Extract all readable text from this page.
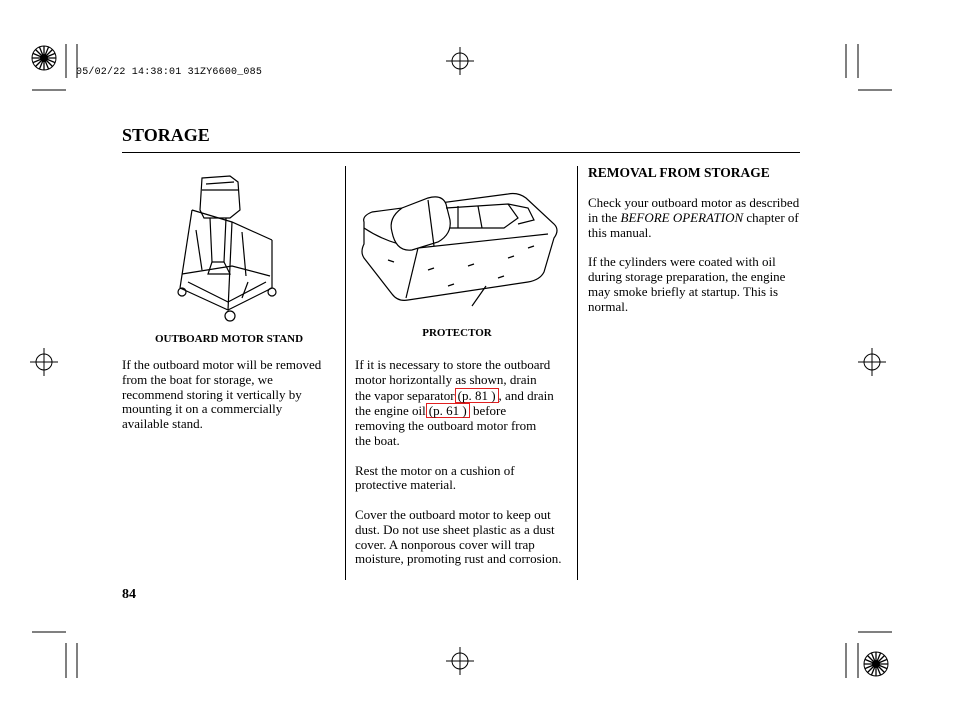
05/02/22 14:38:01 31ZY6600_085
STORAGE
OUTBOARD MOTOR STAND
If the outboard motor will be removed from the boat for storage, we recommend storing it vertically by mounting it on a commercially available stand.
PROTECTOR

If it is necessary to store the outboard
motor horizontally as shown, drain
the vapor separator (p. 81 ) , and drain
the engine oil (p. 61 ) before
removing the outboard motor from
the boat.

Rest the motor on a cushion of protective material.

Cover the outboard motor to keep out dust. Do not use sheet plastic as a dust cover. A nonporous cover will trap moisture, promoting rust and corrosion.

REMOVAL FROM STORAGE

Check your outboard motor as described in the BEFORE OPERATION chapter of this manual.

If the cylinders were coated with oil during storage preparation, the engine may smoke briefly at startup. This is normal.

84
